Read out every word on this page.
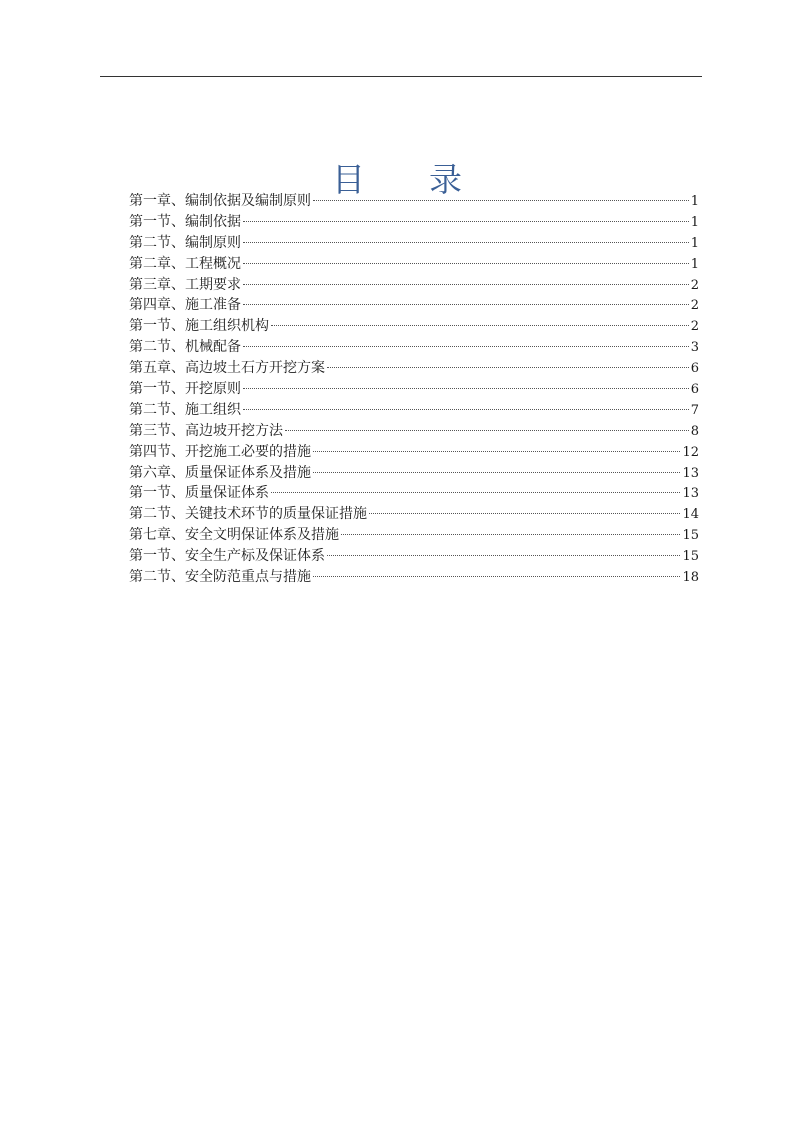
目录
第一章、编制依据及编制原则	1
第一节、编制依据	1
第二节、编制原则	1
第二章、工程概况	1
第三章、工期要求	2
第四章、施工准备	2
第一节、施工组织机构	2
第二节、机械配备	3
第五章、高边坡土石方开挖方案	6
第一节、开挖原则	6
第二节、施工组织	7
第三节、高边坡开挖方法	8
第四节、开挖施工必要的措施	12
第六章、质量保证体系及措施	13
第一节、质量保证体系	13
第二节、关键技术环节的质量保证措施	14
第七章、安全文明保证体系及措施	15
第一节、安全生产标及保证体系	15
第二节、安全防范重点与措施	18
